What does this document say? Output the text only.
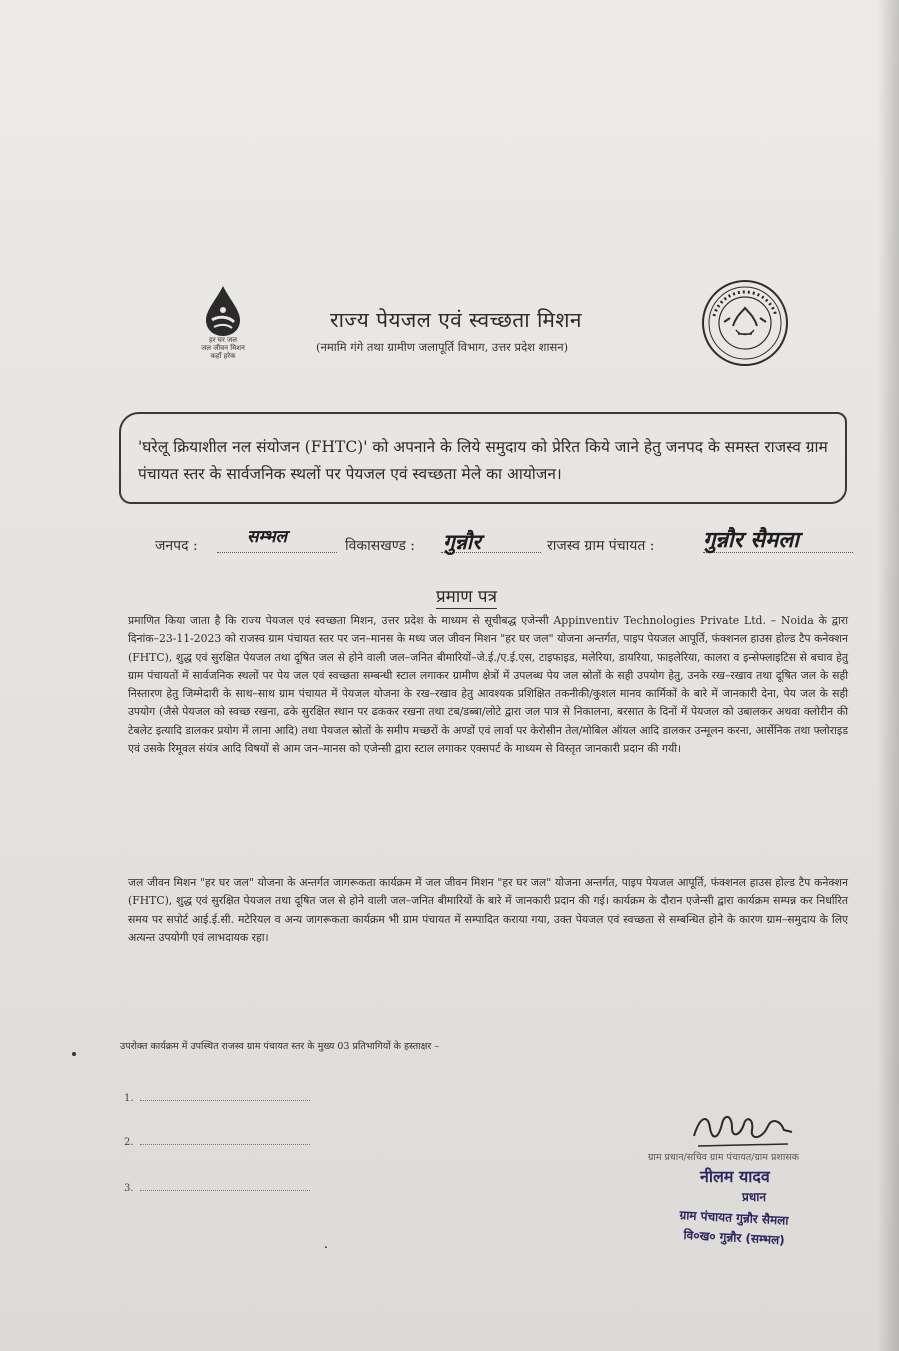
हर घर जल
जल जीवन मिशन
कहाँ हरेक
राज्य पेयजल एवं स्वच्छता मिशन
(नमामि गंगे तथा ग्रामीण जलापूर्ति विभाग, उत्तर प्रदेश शासन)
'घरेलू क्रियाशील नल संयोजन (FHTC)' को अपनाने के लिये समुदाय को प्रेरित किये जाने हेतु जनपद के समस्त राजस्व ग्राम पंचायत स्तर के सार्वजनिक स्थलों पर पेयजल एवं स्वच्छता मेले का आयोजन।
जनपद :	सम्भल	विकासखण्ड : गुन्नौर	राजस्व ग्राम पंचायत : गुन्नौर सैमला
प्रमाण पत्र
प्रमाणित किया जाता है कि राज्य पेयजल एवं स्वच्छता मिशन, उत्तर प्रदेश के माध्यम से सूचीबद्ध एजेन्सी Appinventiv Technologies Private Ltd. – Noida के द्वारा दिनांक–23-11-2023 को राजस्व ग्राम पंचायत स्तर पर जन–मानस के मध्य जल जीवन मिशन "हर घर जल" योजना अन्तर्गत, पाइप पेयजल आपूर्ति, फंक्शनल हाउस होल्ड टैप कनेक्शन (FHTC), शुद्ध एवं सुरक्षित पेयजल तथा दूषित जल से होने वाली जल–जनित बीमारियों–जे.ई./ए.ई.एस, टाइफाइड, मलेरिया, डायरिया, फाइलेरिया, कालरा व इन्सेफ्लाइटिस से बचाव हेतु ग्राम पंचायतों में सार्वजनिक स्थलों पर पेय जल एवं स्वच्छता सम्बन्धी स्टाल लगाकर ग्रामीण क्षेत्रों में उपलब्ध पेय जल स्रोतों के सही उपयोग हेतु, उनके रख–रखाव तथा दूषित जल के सही निस्तारण हेतु जिम्मेदारी के साथ–साथ ग्राम पंचायत में पेयजल योजना के रख–रखाव हेतु आवश्यक प्रशिक्षित तकनीकी/कुशल मानव कार्मिकों के बारे में जानकारी देना, पेय जल के सही उपयोग (जैसे पेयजल को स्वच्छ रखना, ढके सुरक्षित स्थान पर ढककर रखना तथा टब/डब्बा/लोटे द्वारा जल पात्र से निकालना, बरसात के दिनों में पेयजल को उबालकर अथवा क्लोरीन की टेबलेट इत्यादि डालकर प्रयोग में लाना आदि) तथा पेयजल स्रोतों के समीप मच्छरों के अण्डों एवं लार्वा पर केरोसीन तेल/मोबिल ऑयल आदि डालकर उन्मूलन करना, आर्सेनिक तथा फ्लोराइड एवं उसके रिमूवल संयंत्र आदि विषयों से आम जन–मानस को एजेन्सी द्वारा स्टाल लगाकर एक्सपर्ट के माध्यम से विस्तृत जानकारी प्रदान की गयी।
जल जीवन मिशन "हर घर जल" योजना के अन्तर्गत जागरूकता कार्यक्रम में जल जीवन मिशन "हर घर जल" योजना अन्तर्गत, पाइप पेयजल आपूर्ति, फंक्शनल हाउस होल्ड टैप कनेक्शन (FHTC), शुद्ध एवं सुरक्षित पेयजल तथा दूषित जल से होने वाली जल–जनित बीमारियों के बारे में जानकारी प्रदान की गई। कार्यक्रम के दौरान एजेन्सी द्वारा कार्यक्रम सम्पन्न कर निर्धारित समय पर सपोर्ट आई.ई.सी. मटेरियल व अन्य जागरूकता कार्यक्रम भी ग्राम पंचायत में सम्पादित कराया गया, उक्त पेयजल एवं स्वच्छता से सम्बन्धित होने के कारण ग्राम–समुदाय के लिए अत्यन्त उपयोगी एवं लाभदायक रहा।
उपरोक्त कार्यक्रम में उपस्थित राजस्व ग्राम पंचायत स्तर के मुख्य 03 प्रतिभागियों के हस्ताक्षर –
1.
2.
3.
ग्राम प्रधान/सचिव ग्राम पंचायत/ग्राम प्रशासक
नीलम यादव
प्रधान
ग्राम पंचायत गुन्नौर सैमला
वि०ख० गुन्नौर (सम्भल)
⸱
